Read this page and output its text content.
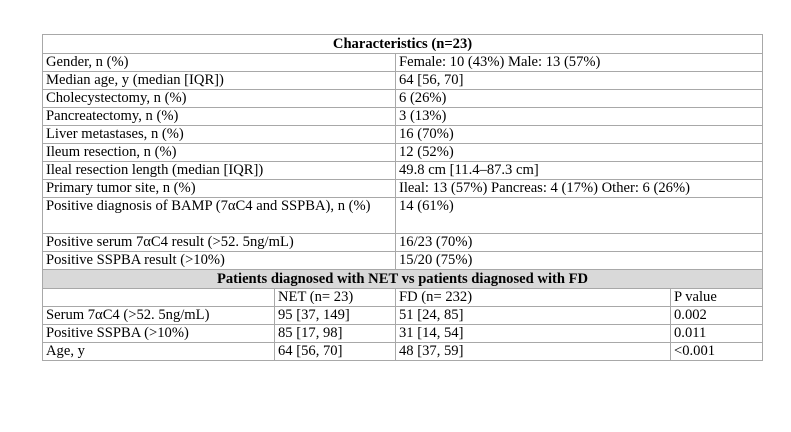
Characteristics (n=23)			
Gender, n (%)		Female: 10 (43%) Male: 13 (57%)	
Median age, y (median [IQR])		64 [56, 70]	
Cholecystectomy, n (%)		6 (26%)	
Pancreatectomy, n (%)		3 (13%)	
Liver metastases, n (%)		16 (70%)	
Ileum resection, n (%)		12 (52%)	
Ileal resection length (median [IQR])		49.8 cm [11.4–87.3 cm]	
Primary tumor site, n (%)		Ileal: 13 (57%) Pancreas: 4 (17%) Other: 6 (26%)	
Positive diagnosis of BAMP (7αC4 and SSPBA), n (%)		14 (61%)	
Positive serum 7αC4 result (>52. 5ng/mL)		16/23 (70%)	
Positive SSPBA result (>10%)		15/20 (75%)	
Patients diagnosed with NET vs patients diagnosed with FD			
	NET (n= 23)	FD (n= 232)	P value
Serum 7αC4 (>52. 5ng/mL)	95 [37, 149]	51 [24, 85]	0.002
Positive SSPBA (>10%)	85 [17, 98]	31 [14, 54]	0.011
Age, y	64 [56, 70]	48 [37, 59]	<0.001
